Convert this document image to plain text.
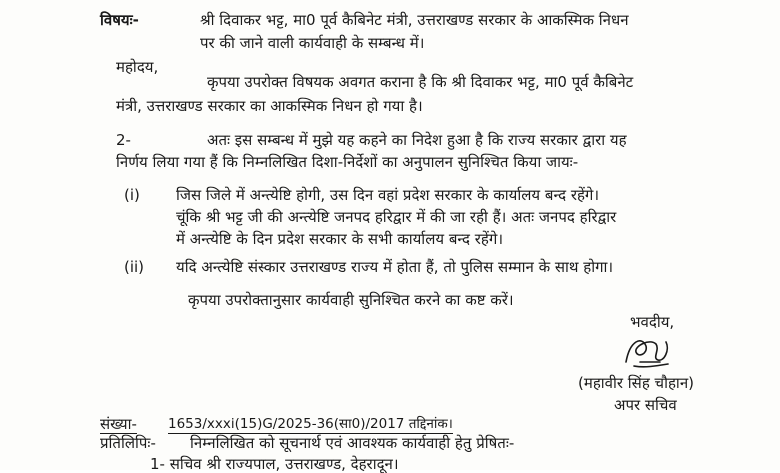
विषयः-	श्री दिवाकर भट्ट, मा0 पूर्व कैबिनेट मंत्री, उत्तराखण्ड सरकार के आकस्मिक निधन
पर की जाने वाली कार्यवाही के सम्बन्ध में।
महोदय,
कृपया उपरोक्त विषयक अवगत कराना है कि श्री दिवाकर भट्ट, मा0 पूर्व कैबिनेट
मंत्री, उत्तराखण्ड सरकार का आकस्मिक निधन हो गया है।
2-	अतः इस सम्बन्ध में मुझे यह कहने का निदेश हुआ है कि राज्य सरकार द्वारा यह
निर्णय लिया गया हैं कि निम्नलिखित दिशा-निर्देशों का अनुपालन सुनिश्चित किया जायः-
(i) जिस जिले में अन्त्येष्टि होगी, उस दिन वहां प्रदेश सरकार के कार्यालय बन्द रहेंगे।
चूंकि श्री भट्ट जी की अन्त्येष्टि जनपद हरिद्वार में की जा रही हैं। अतः जनपद हरिद्वार
में अन्त्येष्टि के दिन प्रदेश सरकार के सभी कार्यालय बन्द रहेंगे।
(ii) यदि अन्त्येष्टि संस्कार उत्तराखण्ड राज्य में होता हैं, तो पुलिस सम्मान के साथ होगा।
कृपया उपरोक्तानुसार कार्यवाही सुनिश्चित करने का कष्ट करें।
भवदीय,
(महावीर सिंह चौहान)
अपर सचिव
संख्या- 1653/xxxi(15)G/2025-36(सा0)/2017 तद्दिनांक।
प्रतिलिपिः- निम्नलिखित को सूचनार्थ एवं आवश्यक कार्यवाही हेतु प्रेषितः-
1- सचिव श्री राज्यपाल, उत्तराखण्ड, देहरादून।
